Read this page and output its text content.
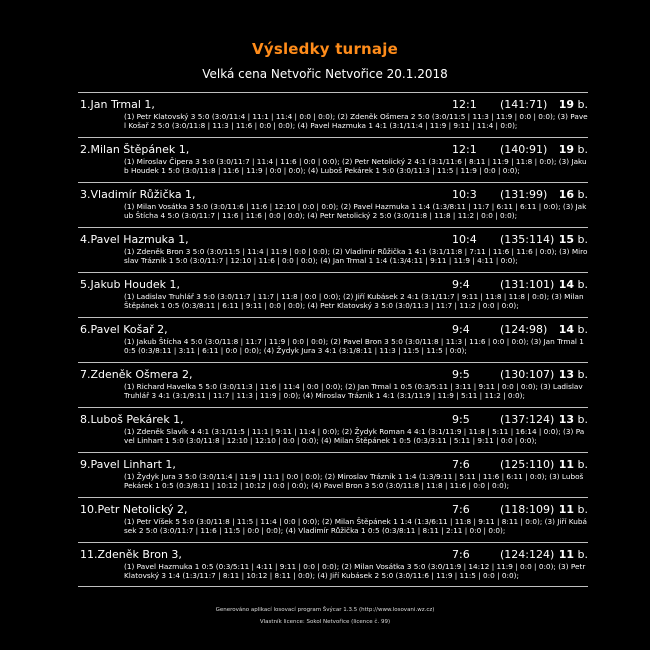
Výsledky turnaje
Velká cena Netvořic Netvořice 20.1.2018
1.Jan Trmal 1,	12:1 (141:71) 19 b.
(1) Petr Klatovský 3 5:0 (3:0/11:4 | 11:1 | 11:4 | 0:0 | 0:0); (2) Zdeněk Ošmera 2 5:0 (3:0/11:5 | 11:3 | 11:9 | 0:0 | 0:0); (3) Pavel Košař 2 5:0 (3:0/11:8 | 11:3 | 11:6 | 0:0 | 0:0); (4) Pavel Hazmuka 1 4:1 (3:1/11:4 | 11:9 | 9:11 | 11:4 | 0:0);
2.Milan Štěpánek 1,	12:1 (140:91) 19 b.
(1) Miroslav Čipera 3 5:0 (3:0/11:7 | 11:4 | 11:6 | 0:0 | 0:0); (2) Petr Netolický 2 4:1 (3:1/11:6 | 8:11 | 11:9 | 11:8 | 0:0); (3) Jakub Houdek 1 5:0 (3:0/11:8 | 11:6 | 11:9 | 0:0 | 0:0); (4) Luboš Pekárek 1 5:0 (3:0/11:3 | 11:5 | 11:9 | 0:0 | 0:0);
3.Vladimír Růžička 1,	10:3 (131:99) 16 b.
(1) Milan Vosátka 3 5:0 (3:0/11:6 | 11:6 | 12:10 | 0:0 | 0:0); (2) Pavel Hazmuka 1 1:4 (1:3/8:11 | 11:7 | 6:11 | 6:11 | 0:0); (3) Jakub Štícha 4 5:0 (3:0/11:7 | 11:6 | 11:6 | 0:0 | 0:0); (4) Petr Netolický 2 5:0 (3:0/11:8 | 11:8 | 11:2 | 0:0 | 0:0);
4.Pavel Hazmuka 1,	10:4 (135:114) 15 b.
(1) Zdeněk Bron 3 5:0 (3:0/11:5 | 11:4 | 11:9 | 0:0 | 0:0); (2) Vladimír Růžička 1 4:1 (3:1/11:8 | 7:11 | 11:6 | 11:6 | 0:0); (3) Miroslav Trázník 1 5:0 (3:0/11:7 | 12:10 | 11:6 | 0:0 | 0:0); (4) Jan Trmal 1 1:4 (1:3/4:11 | 9:11 | 11:9 | 4:11 | 0:0);
5.Jakub Houdek 1,	9:4	(131:101) 14 b.
(1) Ladislav Truhlář 3 5:0 (3:0/11:7 | 11:7 | 11:8 | 0:0 | 0:0); (2) Jiří Kubásek 2 4:1 (3:1/11:7 | 9:11 | 11:8 | 11:8 | 0:0); (3) Milan Štěpánek 1 0:5 (0:3/8:11 | 6:11 | 9:11 | 0:0 | 0:0); (4) Petr Klatovský 3 5:0 (3:0/11:3 | 11:7 | 11:2 | 0:0 | 0:0);
6.Pavel Košař 2,	9:4	(124:98) 14 b.
(1) Jakub Štícha 4 5:0 (3:0/11:8 | 11:7 | 11:9 | 0:0 | 0:0); (2) Pavel Bron 3 5:0 (3:0/11:8 | 11:3 | 11:6 | 0:0 | 0:0); (3) Jan Trmal 1 0:5 (0:3/8:11 | 3:11 | 6:11 | 0:0 | 0:0); (4) Žydyk Jura 3 4:1 (3:1/8:11 | 11:3 | 11:5 | 11:5 | 0:0);
7.Zdeněk Ošmera 2,	9:5	(130:107) 13 b.
(1) Richard Havelka 5 5:0 (3:0/11:3 | 11:6 | 11:4 | 0:0 | 0:0); (2) Jan Trmal 1 0:5 (0:3/5:11 | 3:11 | 9:11 | 0:0 | 0:0); (3) Ladislav Truhlář 3 4:1 (3:1/9:11 | 11:7 | 11:3 | 11:9 | 0:0); (4) Miroslav Trázník 1 4:1 (3:1/11:9 | 11:9 | 5:11 | 11:2 | 0:0);
8.Luboš Pekárek 1,	9:5	(137:124) 13 b.
(1) Zdeněk Slavík 4 4:1 (3:1/11:5 | 11:1 | 9:11 | 11:4 | 0:0); (2) Žydyk Roman 4 4:1 (3:1/11:9 | 11:8 | 5:11 | 16:14 | 0:0); (3) Pavel Linhart 1 5:0 (3:0/11:8 | 12:10 | 12:10 | 0:0 | 0:0); (4) Milan Štěpánek 1 0:5 (0:3/3:11 | 5:11 | 9:11 | 0:0 | 0:0);
9.Pavel Linhart 1,	7:6	(125:110) 11 b.
(1) Žydyk Jura 3 5:0 (3:0/11:4 | 11:9 | 11:1 | 0:0 | 0:0); (2) Miroslav Trázník 1 1:4 (1:3/9:11 | 5:11 | 11:6 | 6:11 | 0:0); (3) Luboš Pekárek 1 0:5 (0:3/8:11 | 10:12 | 10:12 | 0:0 | 0:0); (4) Pavel Bron 3 5:0 (3:0/11:8 | 11:8 | 11:6 | 0:0 | 0:0);
10.Petr Netolický 2,	7:6	(118:109) 11 b.
(1) Petr Víšek 5 5:0 (3:0/11:8 | 11:5 | 11:4 | 0:0 | 0:0); (2) Milan Štěpánek 1 1:4 (1:3/6:11 | 11:8 | 9:11 | 8:11 | 0:0); (3) Jiří Kubásek 2 5:0 (3:0/11:7 | 11:6 | 11:5 | 0:0 | 0:0); (4) Vladimír Růžička 1 0:5 (0:3/8:11 | 8:11 | 2:11 | 0:0 | 0:0);
11.Zdeněk Bron 3,	7:6	(124:124) 11 b.
(1) Pavel Hazmuka 1 0:5 (0:3/5:11 | 4:11 | 9:11 | 0:0 | 0:0); (2) Milan Vosátka 3 5:0 (3:0/11:9 | 14:12 | 11:9 | 0:0 | 0:0); (3) Petr Klatovský 3 1:4 (1:3/11:7 | 8:11 | 10:12 | 8:11 | 0:0); (4) Jiří Kubásek 2 5:0 (3:0/11:6 | 11:9 | 11:5 | 0:0 | 0:0);
Generováno aplikací losovací program Švýcar 1.3.5 (http://www.losovani.wz.cz)
Vlastník licence: Sokol Netvořice (licence č. 99)
